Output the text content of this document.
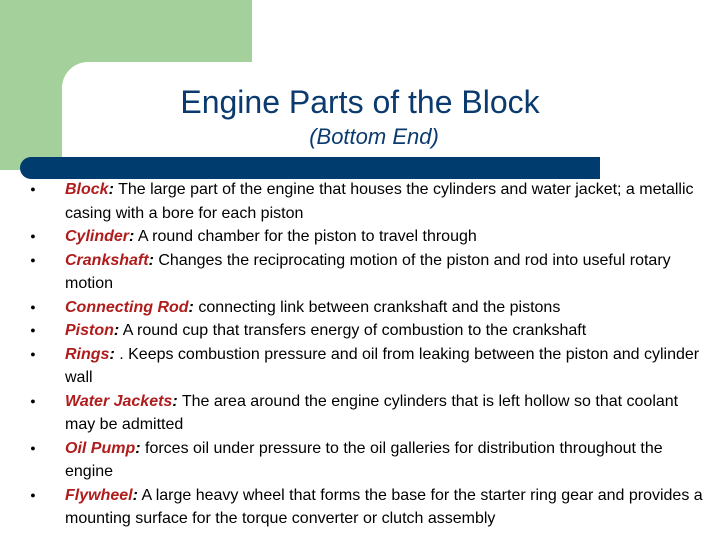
Engine Parts of the Block
(Bottom End)
● Block: The large part of the engine that houses the cylinders and water jacket; a metallic casing with a bore for each piston
● Cylinder: A round chamber for the piston to travel through
● Crankshaft: Changes the reciprocating motion of the piston and rod into useful rotary motion
● Connecting Rod: connecting link between crankshaft and the pistons
● Piston: A round cup that transfers energy of combustion to the crankshaft
● Rings: . Keeps combustion pressure and oil from leaking between the piston and cylinder wall
● Water Jackets: The area around the engine cylinders that is left hollow so that coolant may be admitted
● Oil Pump: forces oil under pressure to the oil galleries for distribution throughout the engine
● Flywheel: A large heavy wheel that forms the base for the starter ring gear and provides a mounting surface for the torque converter or clutch assembly
